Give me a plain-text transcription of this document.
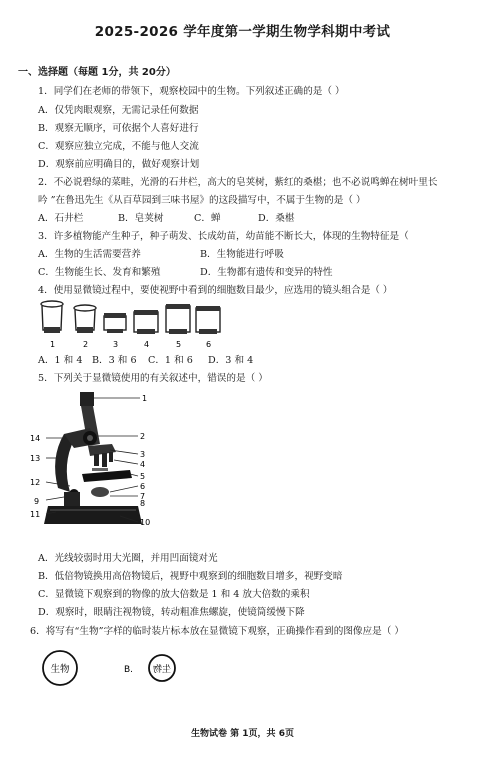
2025-2026 学年度第一学期生物学科期中考试
一、选择题（每题 1分，共 20分）
1．同学们在老师的带领下，观察校园中的生物。下列叙述正确的是（ ）
A．仅凭肉眼观察，无需记录任何数据
B．观察无顺序，可依据个人喜好进行
C．观察应独立完成，不能与他人交流
D．观察前应明确目的，做好观察计划
2．不必说碧绿的菜畦，光滑的石井栏，高大的皂荚树，紫红的桑椹；也不必说鸣蝉在树叶里长
吟 ”在鲁迅先生《从百草园到三味书屋》的这段描写中，不属于生物的是（ ）
A．石井栏	B．皂荚树	C．蝉	D．桑椹
3．许多植物能产生种子，种子萌发、长成幼苗，幼苗能不断长大，体现的生物特征是（
A．生物的生活需要营养	B．生物能进行呼吸
C．生物能生长、发育和繁殖	D．生物都有遗传和变异的特性
4．使用显微镜过程中，要使视野中看到的细胞数目最少，应选用的镜头组合是（ ）
1	2	3	4	5	6
A．1 和 4 B．3 和 6 C．1 和 6 D．3 和 4
5．下列关于显微镜使用的有关叙述中，错误的是（ ）
1
2
3
4
5
6
7
8
9
10
11
12
13
14
A．光线较弱时用大光圈，并用凹面镜对光
B．低倍物镜换用高倍物镜后，视野中观察到的细胞数目增多，视野变暗
C．显微镜下观察到的物像的放大倍数是 1 和 4 放大倍数的乘积
D．观察时，眼睛注视物镜，转动粗准焦螺旋，使镜筒缓慢下降
6．将写有“生物”字样的临时装片标本放在显微镜下观察，正确操作看到的图像应是（ ）
生物	B. 生物
生物试卷 第 1页，共 6页
